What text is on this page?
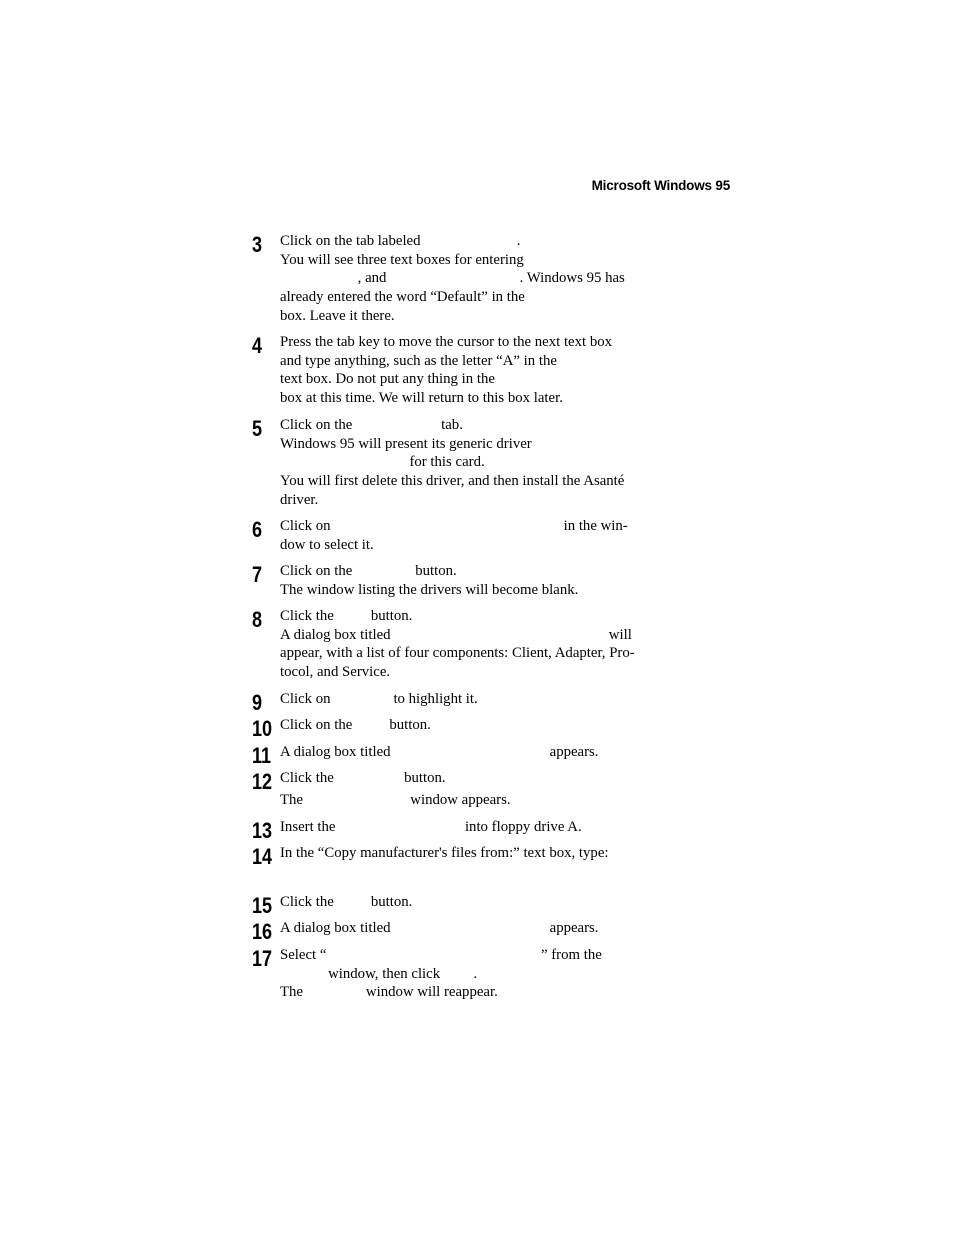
Microsoft Windows 95
3 Click on the tab labeled                          .
You will see three text boxes for entering
, and                                    . Windows 95 has
already entered the word “Default” in the
box. Leave it there.
4 Press the tab key to move the cursor to the next text box
and type anything, such as the letter “A” in the
text box. Do not put any thing in the
box at this time. We will return to this box later.
5 Click on the                        tab.
Windows 95 will present its generic driver
for this card.
You will first delete this driver, and then install the Asanté
driver.
6 Click on                                                               in the win-
dow to select it.
7 Click on the                 button.
The window listing the drivers will become blank.
8 Click the          button.
A dialog box titled                                                           will
appear, with a list of four components: Client, Adapter, Pro-
tocol, and Service.
9 Click on                 to highlight it.
10 Click on the          button.
11 A dialog box titled                                           appears.
12 Click the                   button.
The                             window appears.
13 Insert the                                   into floppy drive A.
14 In the “Copy manufacturer's files from:” text box, type:
15 Click the          button.
16 A dialog box titled                                           appears.
17 Select “                                                          ” from the
window, then click         .
The                 window will reappear.
